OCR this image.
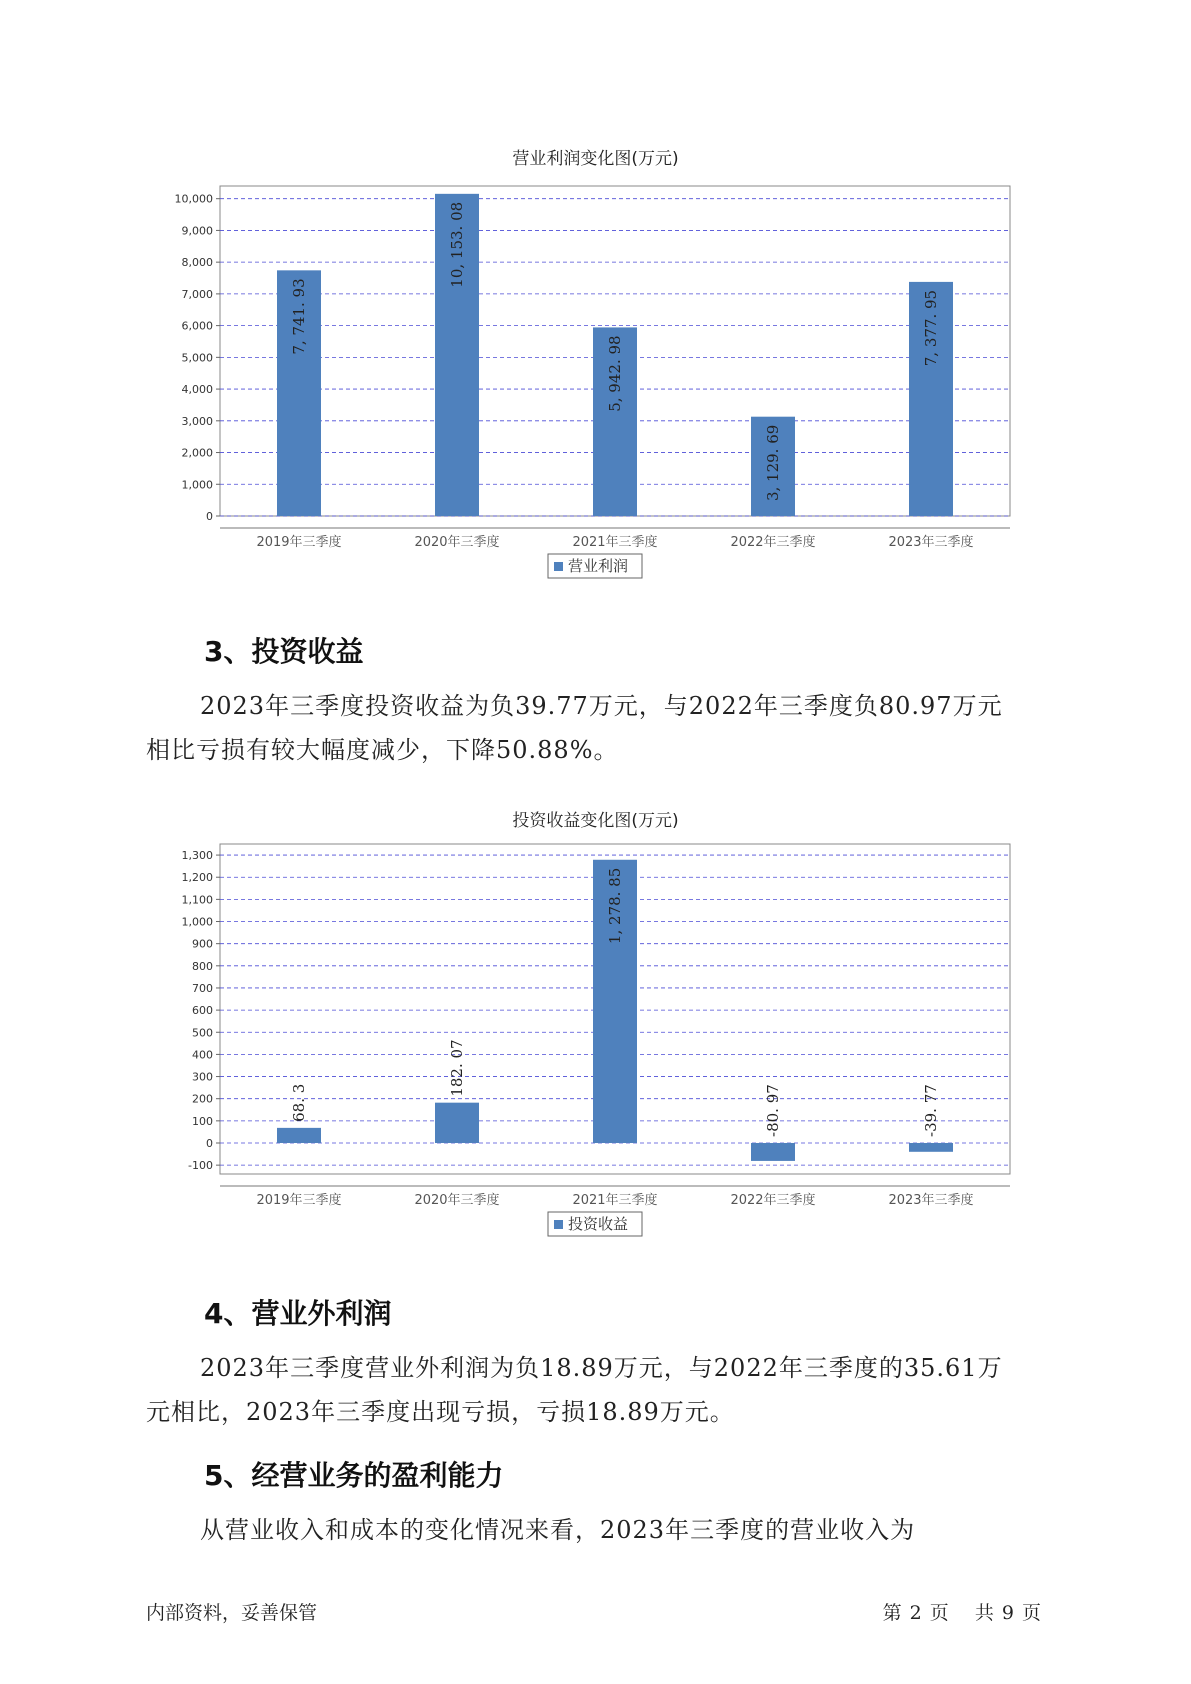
营业利润变化图(万元)
0
1,000
2,000
3,000
4,000
5,000
6,000
7,000
8,000
9,000
10,000
7, 741. 93
2019年三季度
10, 153. 08
2020年三季度
5, 942. 98
2021年三季度
3, 129. 69
2022年三季度
7, 377. 95
2023年三季度
营业利润
3、投资收益
2023年三季度投资收益为负39.77万元，与2022年三季度负80.97万元
相比亏损有较大幅度减少，下降50.88%。
投资收益变化图(万元)
-100
0
100
200
300
400
500
600
700
800
900
1,000
1,100
1,200
1,300
68. 3
2019年三季度
182. 07
2020年三季度
1, 278. 85
2021年三季度
-80. 97
2022年三季度
-39. 77
2023年三季度
投资收益
4、营业外利润
2023年三季度营业外利润为负18.89万元，与2022年三季度的35.61万
元相比，2023年三季度出现亏损，亏损18.89万元。
5、经营业务的盈利能力
从营业收入和成本的变化情况来看，2023年三季度的营业收入为
内部资料，妥善保管	第 2 页 共 9 页
